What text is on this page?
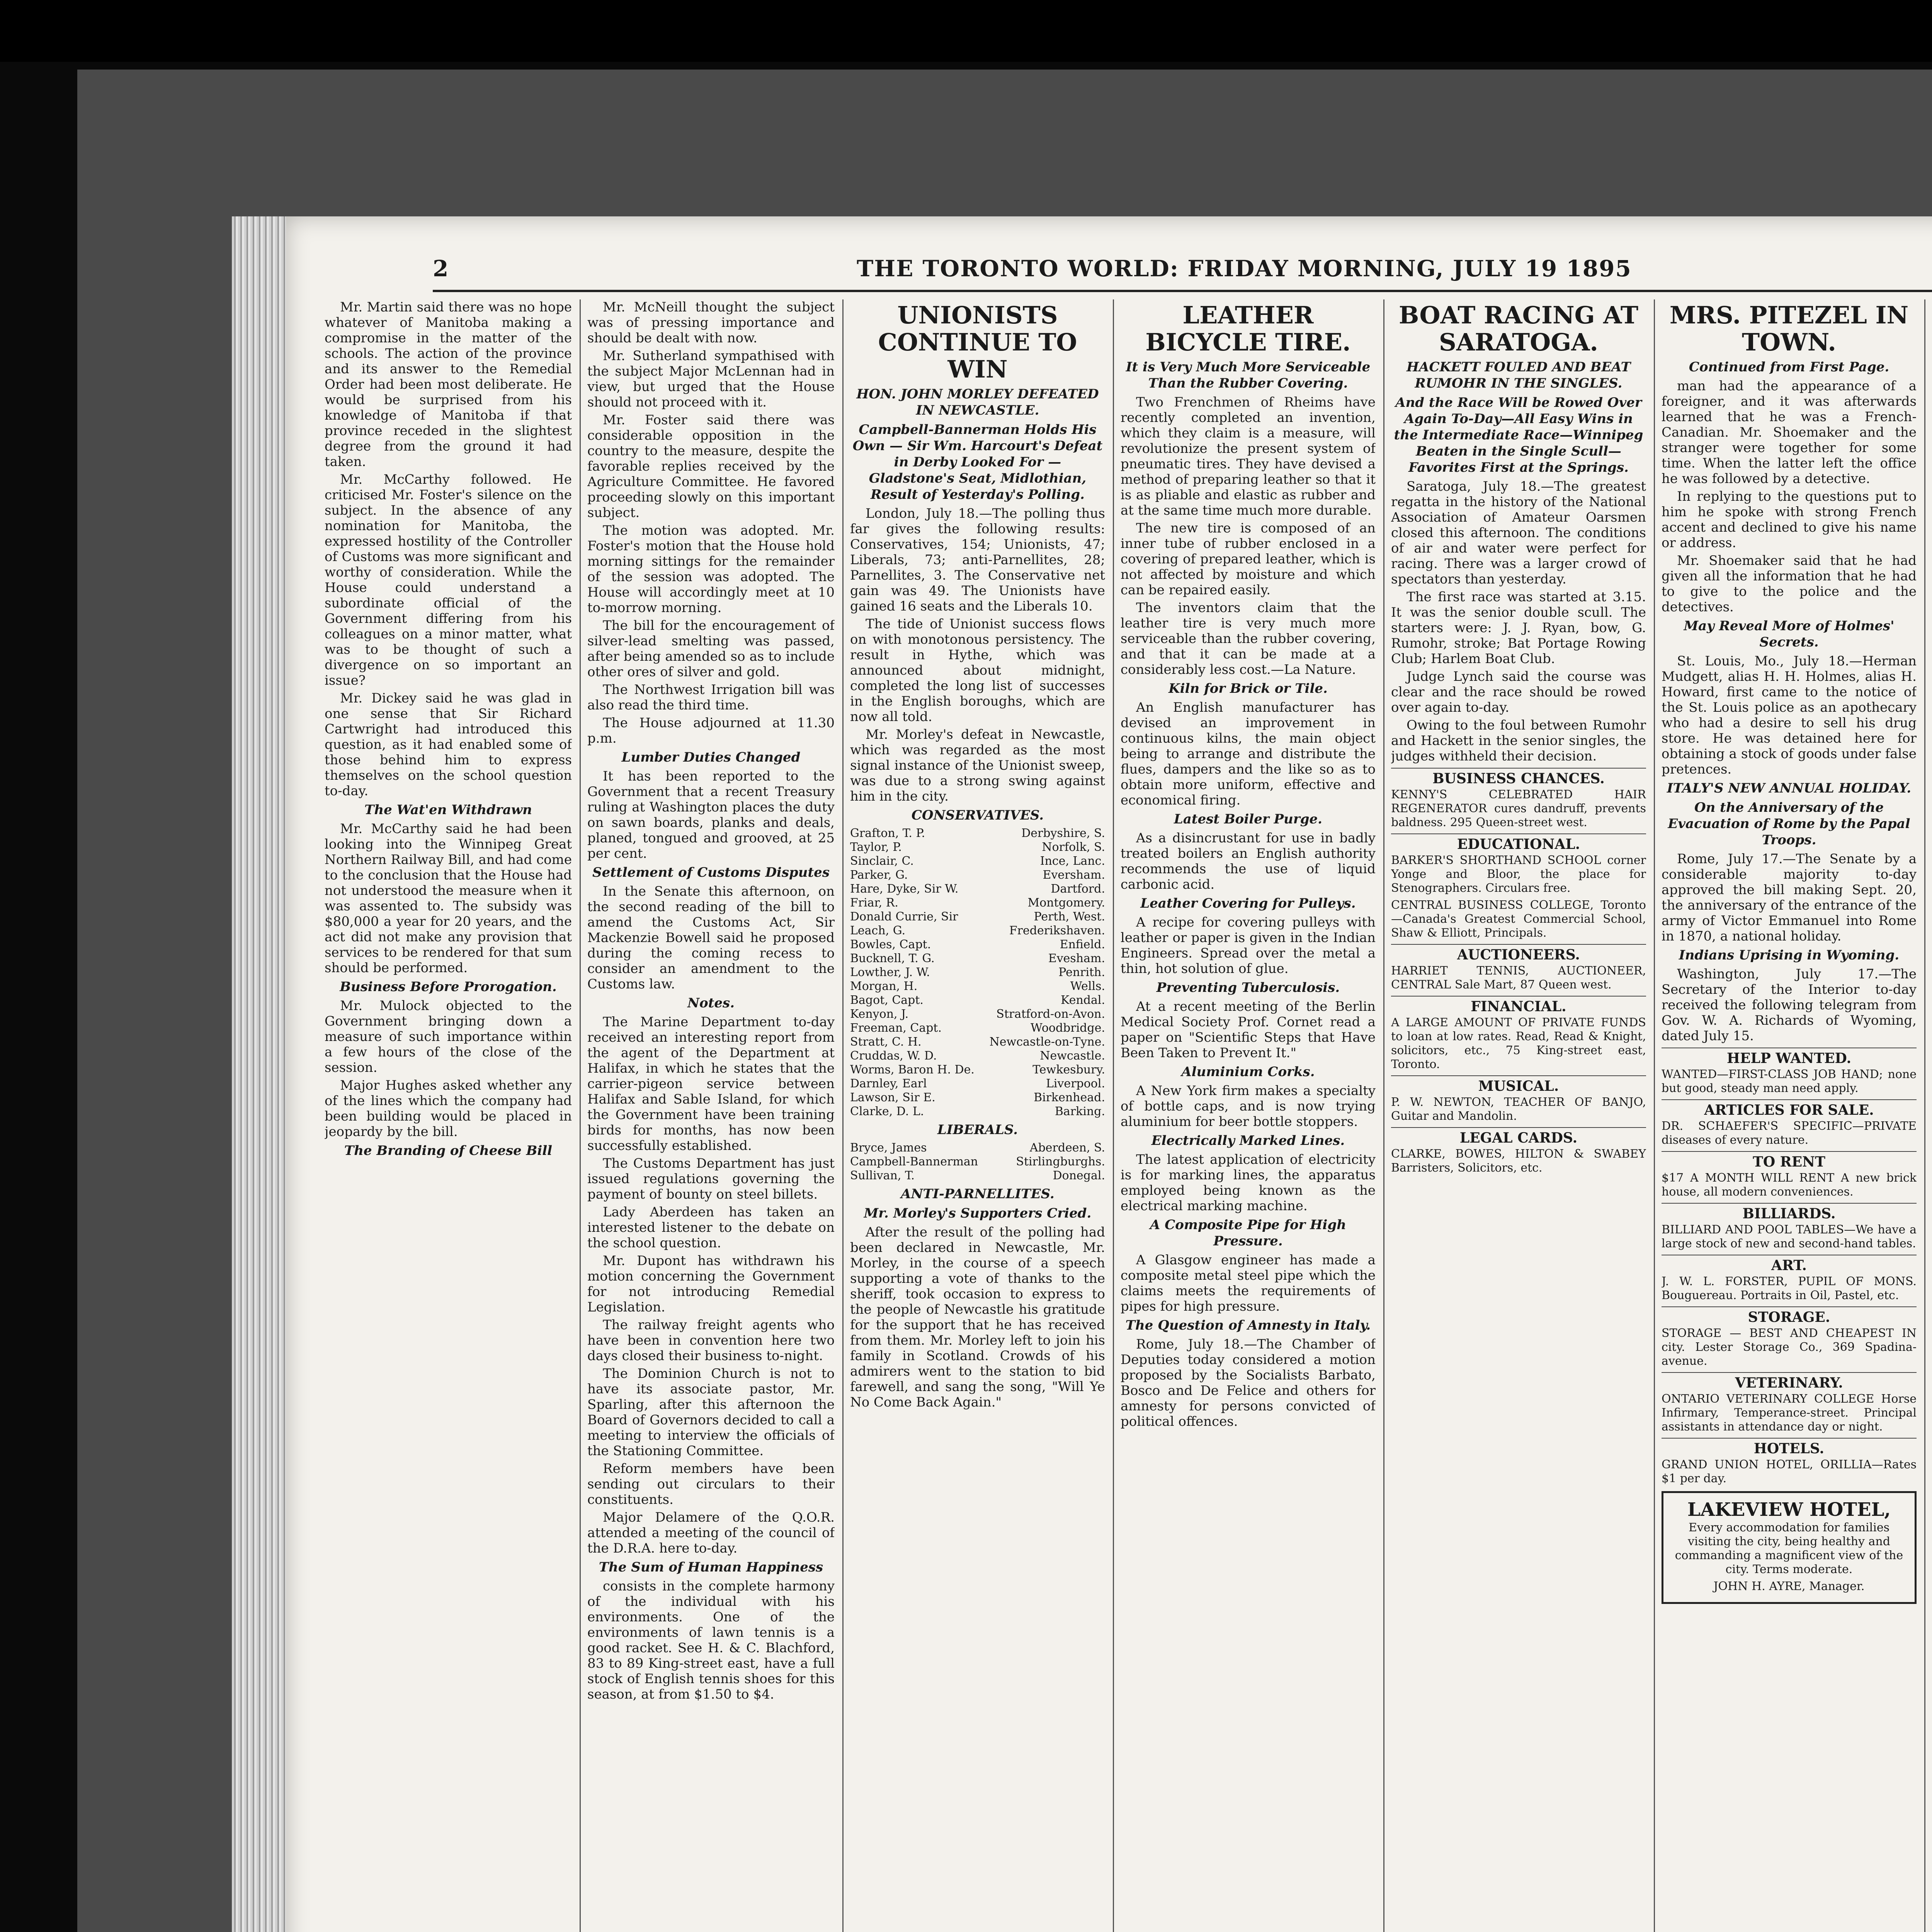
2	THE TORONTO WORLD: FRIDAY MORNING, JULY 19 1895

Mr. Martin said there was no hope whatever of Manitoba making a compromise in the matter of the schools. The action of the province and its answer to the Remedial Order had been most deliberate. He would be surprised from his knowledge of Manitoba if that province receded in the slightest degree from the ground it had taken.

Mr. McCarthy followed. He criticised Mr. Foster's silence on the subject. In the absence of any nomination for Manitoba, the expressed hostility of the Controller of Customs was more significant and worthy of consideration. While the House could understand a subordinate official of the Government differing from his colleagues on a minor matter, what was to be thought of such a divergence on so important an issue?

Mr. Dickey said he was glad in one sense that Sir Richard Cartwright had introduced this question, as it had enabled some of those behind him to express themselves on the school question to-day.

The Wat'en Withdrawn

Mr. McCarthy said he had been looking into the Winnipeg Great Northern Railway Bill, and had come to the conclusion that the House had not understood the measure when it was assented to. The subsidy was $80,000 a year for 20 years, and the act did not make any provision that services to be rendered for that sum should be performed.

Business Before Prorogation.

Mr. Mulock objected to the Government bringing down a measure of such importance within a few hours of the close of the session.

Major Hughes asked whether any of the lines which the company had been building would be placed in jeopardy by the bill.

The Branding of Cheese Bill

Mr. McNeill thought the subject was of pressing importance and should be dealt with now.

Mr. Sutherland sympathised with the subject Major McLennan had in view, but urged that the House should not proceed with it.

Mr. Foster said there was considerable opposition in the country to the measure, despite the favorable replies received by the Agriculture Committee. He favored proceeding slowly on this important subject.

The motion was adopted. Mr. Foster's motion that the House hold morning sittings for the remainder of the session was adopted. The House will accordingly meet at 10 to-morrow morning.

The bill for the encouragement of silver-lead smelting was passed, after being amended so as to include other ores of silver and gold.

The Northwest Irrigation bill was also read the third time.

The House adjourned at 11.30 p.m.

Lumber Duties Changed

It has been reported to the Government that a recent Treasury ruling at Washington places the duty on sawn boards, planks and deals, planed, tongued and grooved, at 25 per cent.

Settlement of Customs Disputes

In the Senate this afternoon, on the second reading of the bill to amend the Customs Act, Sir Mackenzie Bowell said he proposed during the coming recess to consider an amendment to the Customs law.

Notes.

The Marine Department to-day received an interesting report from the agent of the Department at Halifax, in which he states that the carrier-pigeon service between Halifax and Sable Island, for which the Government have been training birds for months, has now been successfully established.

The Customs Department has just issued regulations governing the payment of bounty on steel billets.

Lady Aberdeen has taken an interested listener to the debate on the school question.

Mr. Dupont has withdrawn his motion concerning the Government for not introducing Remedial Legislation.

The railway freight agents who have been in convention here two days closed their business to-night.

The Dominion Church is not to have its associate pastor, Mr. Sparling, after this afternoon the Board of Governors decided to call a meeting to interview the officials of the Stationing Committee.

Reform members have been sending out circulars to their constituents.

Major Delamere of the Q.O.R. attended a meeting of the council of the D.R.A. here to-day.

The Sum of Human Happiness

consists in the complete harmony of the individual with his environments. One of the environments of lawn tennis is a good racket. See H. & C. Blachford, 83 to 89 King-street east, have a full stock of English tennis shoes for this season, at from $1.50 to $4.

UNIONISTS CONTINUE TO WIN
HON. JOHN MORLEY DEFEATED IN NEWCASTLE.
Campbell-Bannerman Holds His Own — Sir Wm. Harcourt's Defeat in Derby Looked For — Gladstone's Seat, Midlothian, Result of Yesterday's Polling.

London, July 18.—The polling thus far gives the following results: Conservatives, 154; Unionists, 47; Liberals, 73; anti-Parnellites, 28; Parnellites, 3. The Conservative net gain was 49. The Unionists have gained 16 seats and the Liberals 10.

The tide of Unionist success flows on with monotonous persistency. The result in Hythe, which was announced about midnight, completed the long list of successes in the English boroughs, which are now all told.

Mr. Morley's defeat in Newcastle, which was regarded as the most signal instance of the Unionist sweep, was due to a strong swing against him in the city.

CONSERVATIVES.
Grafton, T. P.	Derbyshire, S.
Taylor, P.	Norfolk, S.
Sinclair, C.	Ince, Lanc.
Parker, G.	Eversham.
Hare, Dyke, Sir W.	Dartford.
Friar, R.	Montgomery.
Donald Currie, Sir	Perth, West.
Leach, G.	Frederikshaven.
Bowles, Capt.	Enfield.
Bucknell, T. G.	Evesham.
Lowther, J. W.	Penrith.
Morgan, H.	Wells.
Bagot, Capt.	Kendal.
Kenyon, J.	Stratford-on-Avon.
Freeman, Capt.	Woodbridge.
Stratt, C. H.	Newcastle-on-Tyne.
Cruddas, W. D.	Newcastle.
Worms, Baron H. De.	Tewkesbury.
Darnley, Earl	Liverpool.
Lawson, Sir E.	Birkenhead.
Clarke, D. L.	Barking.
LIBERALS.
Bryce, James	Aberdeen, S.
Campbell-Bannerman	Stirlingburghs.
Sullivan, T.	Donegal.
ANTI-PARNELLITES.
Mr. Morley's Supporters Cried.

After the result of the polling had been declared in Newcastle, Mr. Morley, in the course of a speech supporting a vote of thanks to the sheriff, took occasion to express to the people of Newcastle his gratitude for the support that he has received from them. Mr. Morley left to join his family in Scotland. Crowds of his admirers went to the station to bid farewell, and sang the song, "Will Ye No Come Back Again."

LEATHER BICYCLE TIRE.
It is Very Much More Serviceable Than the Rubber Covering.

Two Frenchmen of Rheims have recently completed an invention, which they claim is a measure, will revolutionize the present system of pneumatic tires. They have devised a method of preparing leather so that it is as pliable and elastic as rubber and at the same time much more durable.

The new tire is composed of an inner tube of rubber enclosed in a covering of prepared leather, which is not affected by moisture and which can be repaired easily.

The inventors claim that the leather tire is very much more serviceable than the rubber covering, and that it can be made at a considerably less cost.—La Nature.

Kiln for Brick or Tile.

An English manufacturer has devised an improvement in continuous kilns, the main object being to arrange and distribute the flues, dampers and the like so as to obtain more uniform, effective and economical firing.

Latest Boiler Purge.

As a disincrustant for use in badly treated boilers an English authority recommends the use of liquid carbonic acid.

Leather Covering for Pulleys.

A recipe for covering pulleys with leather or paper is given in the Indian Engineers. Spread over the metal a thin, hot solution of glue.

Preventing Tuberculosis.

At a recent meeting of the Berlin Medical Society Prof. Cornet read a paper on "Scientific Steps that Have Been Taken to Prevent It."

Aluminium Corks.

A New York firm makes a specialty of bottle caps, and is now trying aluminium for beer bottle stoppers.

Electrically Marked Lines.

The latest application of electricity is for marking lines, the apparatus employed being known as the electrical marking machine.

A Composite Pipe for High Pressure.

A Glasgow engineer has made a composite metal steel pipe which the claims meets the requirements of pipes for high pressure.

The Question of Amnesty in Italy.

Rome, July 18.—The Chamber of Deputies today considered a motion proposed by the Socialists Barbato, Bosco and De Felice and others for amnesty for persons convicted of political offences.

BOAT RACING AT SARATOGA.
HACKETT FOULED AND BEAT RUMOHR IN THE SINGLES.
And the Race Will be Rowed Over Again To-Day—All Easy Wins in the Intermediate Race—Winnipeg Beaten in the Single Scull—Favorites First at the Springs.

Saratoga, July 18.—The greatest regatta in the history of the National Association of Amateur Oarsmen closed this afternoon. The conditions of air and water were perfect for racing. There was a larger crowd of spectators than yesterday.

The first race was started at 3.15. It was the senior double scull. The starters were: J. J. Ryan, bow, G. Rumohr, stroke; Bat Portage Rowing Club; Harlem Boat Club.

Judge Lynch said the course was clear and the race should be rowed over again to-day.

Owing to the foul between Rumohr and Hackett in the senior singles, the judges withheld their decision.

BUSINESS CHANCES.
KENNY'S CELEBRATED HAIR REGENERATOR cures dandruff, prevents baldness. 295 Queen-street west.
EDUCATIONAL.
BARKER'S SHORTHAND SCHOOL corner Yonge and Bloor, the place for Stenographers. Circulars free.
CENTRAL BUSINESS COLLEGE, Toronto—Canada's Greatest Commercial School, Shaw & Elliott, Principals.
AUCTIONEERS.
HARRIET TENNIS, AUCTIONEER, CENTRAL Sale Mart, 87 Queen west.
FINANCIAL.
A LARGE AMOUNT OF PRIVATE FUNDS to loan at low rates. Read, Read & Knight, solicitors, etc., 75 King-street east, Toronto.
MUSICAL.
P. W. NEWTON, TEACHER OF BANJO, Guitar and Mandolin.
LEGAL CARDS.
CLARKE, BOWES, HILTON & SWABEY Barristers, Solicitors, etc.
MRS. PITEZEL IN TOWN.
Continued from First Page.

man had the appearance of a foreigner, and it was afterwards learned that he was a French-Canadian. Mr. Shoemaker and the stranger were together for some time. When the latter left the office he was followed by a detective.

In replying to the questions put to him he spoke with strong French accent and declined to give his name or address.

Mr. Shoemaker said that he had given all the information that he had to give to the police and the detectives.

May Reveal More of Holmes' Secrets.

St. Louis, Mo., July 18.—Herman Mudgett, alias H. H. Holmes, alias H. Howard, first came to the notice of the St. Louis police as an apothecary who had a desire to sell his drug store. He was detained here for obtaining a stock of goods under false pretences.

ITALY'S NEW ANNUAL HOLIDAY.
On the Anniversary of the Evacuation of Rome by the Papal Troops.

Rome, July 17.—The Senate by a considerable majority to-day approved the bill making Sept. 20, the anniversary of the entrance of the army of Victor Emmanuel into Rome in 1870, a national holiday.

Indians Uprising in Wyoming.

Washington, July 17.—The Secretary of the Interior to-day received the following telegram from Gov. W. A. Richards of Wyoming, dated July 15.

HELP WANTED.
WANTED—FIRST-CLASS JOB HAND; none but good, steady man need apply.
ARTICLES FOR SALE.
DR. SCHAEFER'S SPECIFIC—PRIVATE diseases of every nature.
TO RENT
$17 A MONTH WILL RENT A new brick house, all modern conveniences.
BILLIARDS.
BILLIARD AND POOL TABLES—We have a large stock of new and second-hand tables.
ART.
J. W. L. FORSTER, PUPIL OF MONS. Bouguereau. Portraits in Oil, Pastel, etc.
STORAGE.
STORAGE — BEST AND CHEAPEST IN city. Lester Storage Co., 369 Spadina-avenue.
VETERINARY.
ONTARIO VETERINARY COLLEGE Horse Infirmary, Temperance-street. Principal assistants in attendance day or night.
HOTELS.
GRAND UNION HOTEL, ORILLIA—Rates $1 per day.
LAKEVIEW HOTEL,
Every accommodation for families visiting the city, being healthy and commanding a magnificent view of the city. Terms moderate.
JOHN H. AYRE, Manager.
